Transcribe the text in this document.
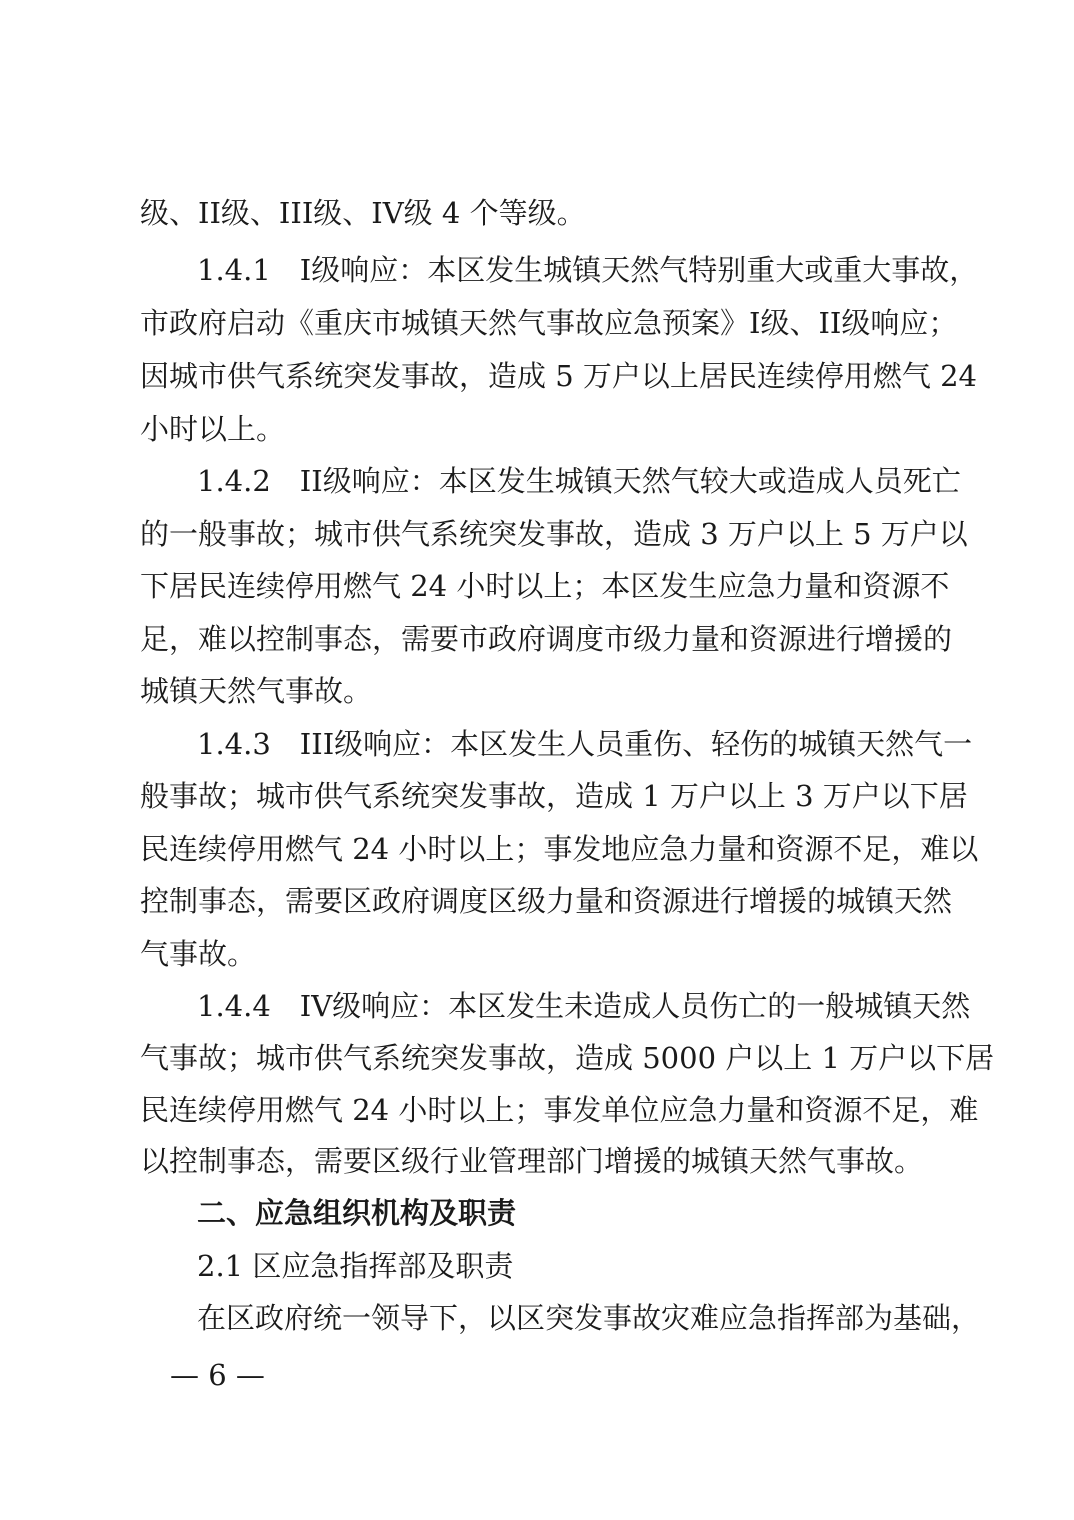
级、II级、III级、IV级 4 个等级。
1.4.1　I级响应：本区发生城镇天然气特别重大或重大事故，
市政府启动《重庆市城镇天然气事故应急预案》I级、II级响应；
因城市供气系统突发事故，造成 5 万户以上居民连续停用燃气 24
小时以上。
1.4.2　II级响应：本区发生城镇天然气较大或造成人员死亡
的一般事故；城市供气系统突发事故，造成 3 万户以上 5 万户以
下居民连续停用燃气 24 小时以上；本区发生应急力量和资源不
足，难以控制事态，需要市政府调度市级力量和资源进行增援的
城镇天然气事故。
1.4.3　III级响应：本区发生人员重伤、轻伤的城镇天然气一
般事故；城市供气系统突发事故，造成 1 万户以上 3 万户以下居
民连续停用燃气 24 小时以上；事发地应急力量和资源不足，难以
控制事态，需要区政府调度区级力量和资源进行增援的城镇天然
气事故。
1.4.4　IV级响应：本区发生未造成人员伤亡的一般城镇天然
气事故；城市供气系统突发事故，造成 5000 户以上 1 万户以下居
民连续停用燃气 24 小时以上；事发单位应急力量和资源不足，难
以控制事态，需要区级行业管理部门增援的城镇天然气事故。
二、应急组织机构及职责
2.1 区应急指挥部及职责
在区政府统一领导下，以区突发事故灾难应急指挥部为基础，
— 6 —
